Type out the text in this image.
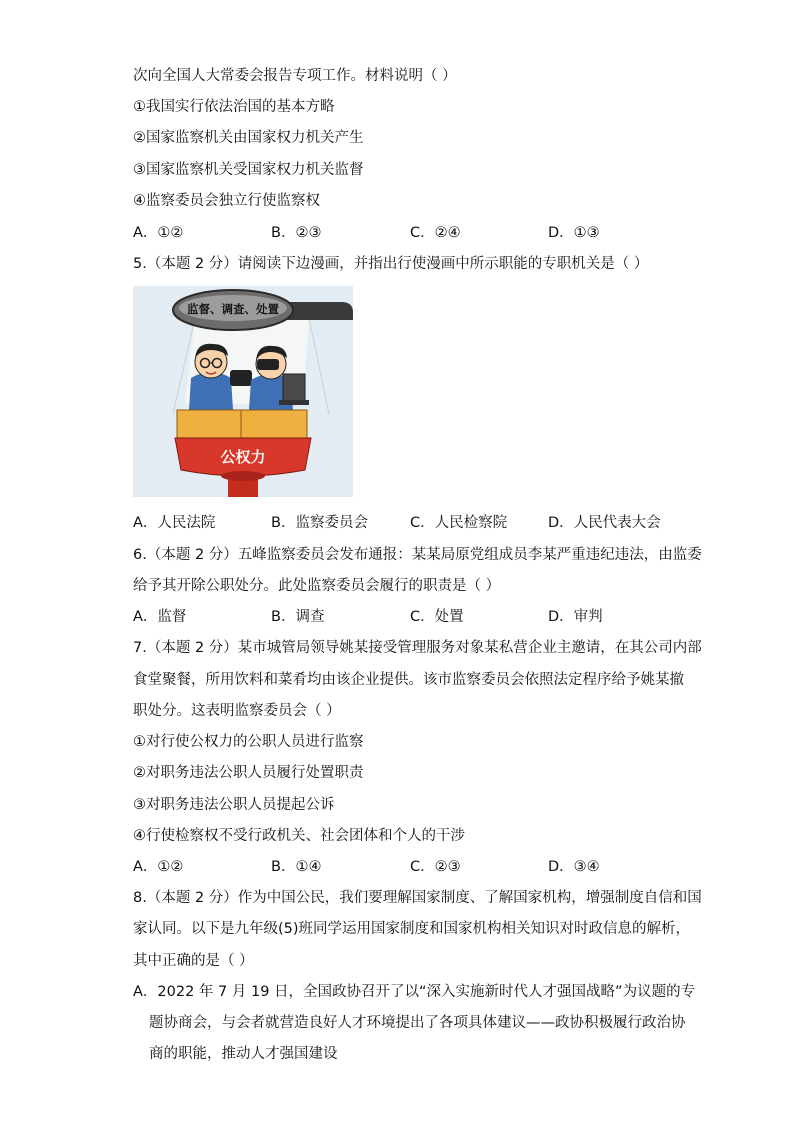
次向全国人大常委会报告专项工作。材料说明（ ）
①我国实行依法治国的基本方略
②国家监察机关由国家权力机关产生
③国家监察机关受国家权力机关监督
④监察委员会独立行使监察权
A．①②	B．②③	C．②④	D．①③
5.（本题 2 分）请阅读下边漫画，并指出行使漫画中所示职能的专职机关是（ ）
监督、调查、处置
公权力
A．人民法院	B．监察委员会	C．人民检察院	D．人民代表大会
6.（本题 2 分）五峰监察委员会发布通报：某某局原党组成员李某严重违纪违法，由监委
给予其开除公职处分。此处监察委员会履行的职责是（ ）
A．监督	B．调查	C．处置	D．审判
7.（本题 2 分）某市城管局领导姚某接受管理服务对象某私营企业主邀请，在其公司内部
食堂聚餐，所用饮料和菜肴均由该企业提供。该市监察委员会依照法定程序给予姚某撤
职处分。这表明监察委员会（ ）
①对行使公权力的公职人员进行监察
②对职务违法公职人员履行处置职责
③对职务违法公职人员提起公诉
④行使检察权不受行政机关、社会团体和个人的干涉
A．①②	B．①④	C．②③	D．③④
8.（本题 2 分）作为中国公民，我们要理解国家制度、了解国家机构，增强制度自信和国
家认同。以下是九年级(5)班同学运用国家制度和国家机构相关知识对时政信息的解析，
其中正确的是（ ）
A．2022 年 7 月 19 日，全国政协召开了以“深入实施新时代人才强国战略”为议题的专
题协商会，与会者就营造良好人才环境提出了各项具体建议——政协积极履行政治协
商的职能，推动人才强国建设
